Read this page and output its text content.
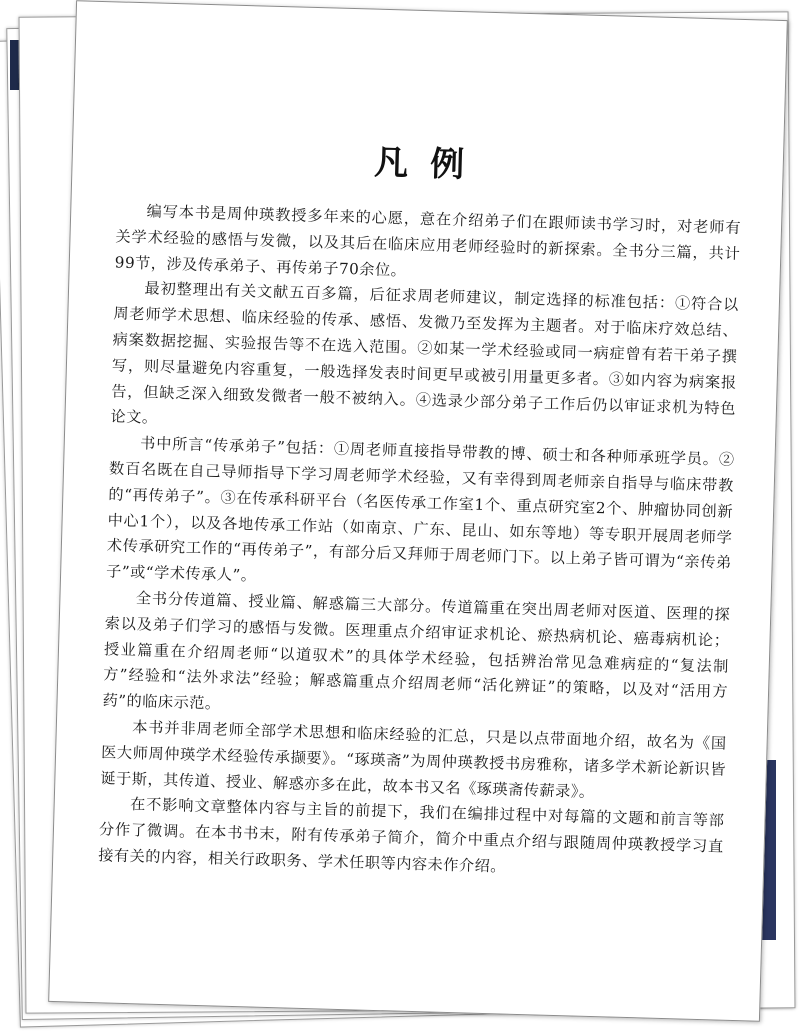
凡例

编写本书是周仲瑛教授多年来的心愿，意在介绍弟子们在跟师读书学习时，对老师有关学术经验的感悟与发微，以及其后在临床应用老师经验时的新探索。全书分三篇，共计99节，涉及传承弟子、再传弟子70余位。

最初整理出有关文献五百多篇，后征求周老师建议，制定选择的标准包括：①符合以周老师学术思想、临床经验的传承、感悟、发微乃至发挥为主题者。对于临床疗效总结、病案数据挖掘、实验报告等不在选入范围。②如某一学术经验或同一病症曾有若干弟子撰写，则尽量避免内容重复，一般选择发表时间更早或被引用量更多者。③如内容为病案报告，但缺乏深入细致发微者一般不被纳入。④选录少部分弟子工作后仍以审证求机为特色论文。

书中所言“传承弟子”包括：①周老师直接指导带教的博、硕士和各种师承班学员。②数百名既在自己导师指导下学习周老师学术经验，又有幸得到周老师亲自指导与临床带教的“再传弟子”。③在传承科研平台（名医传承工作室1个、重点研究室2个、肿瘤协同创新中心1个），以及各地传承工作站（如南京、广东、昆山、如东等地）等专职开展周老师学术传承研究工作的“再传弟子”，有部分后又拜师于周老师门下。以上弟子皆可谓为“亲传弟子”或“学术传承人”。

全书分传道篇、授业篇、解惑篇三大部分。传道篇重在突出周老师对医道、医理的探索以及弟子们学习的感悟与发微。医理重点介绍审证求机论、瘀热病机论、癌毒病机论；授业篇重在介绍周老师“以道驭术”的具体学术经验，包括辨治常见急难病症的“复法制方”经验和“法外求法”经验；解惑篇重点介绍周老师“活化辨证”的策略，以及对“活用方药”的临床示范。

本书并非周老师全部学术思想和临床经验的汇总，只是以点带面地介绍，故名为《国医大师周仲瑛学术经验传承撷要》。“琢瑛斋”为周仲瑛教授书房雅称，诸多学术新论新识皆诞于斯，其传道、授业、解惑亦多在此，故本书又名《琢瑛斋传薪录》。

在不影响文章整体内容与主旨的前提下，我们在编排过程中对每篇的文题和前言等部分作了微调。在本书书末，附有传承弟子简介，简介中重点介绍与跟随周仲瑛教授学习直接有关的内容，相关行政职务、学术任职等内容未作介绍。
